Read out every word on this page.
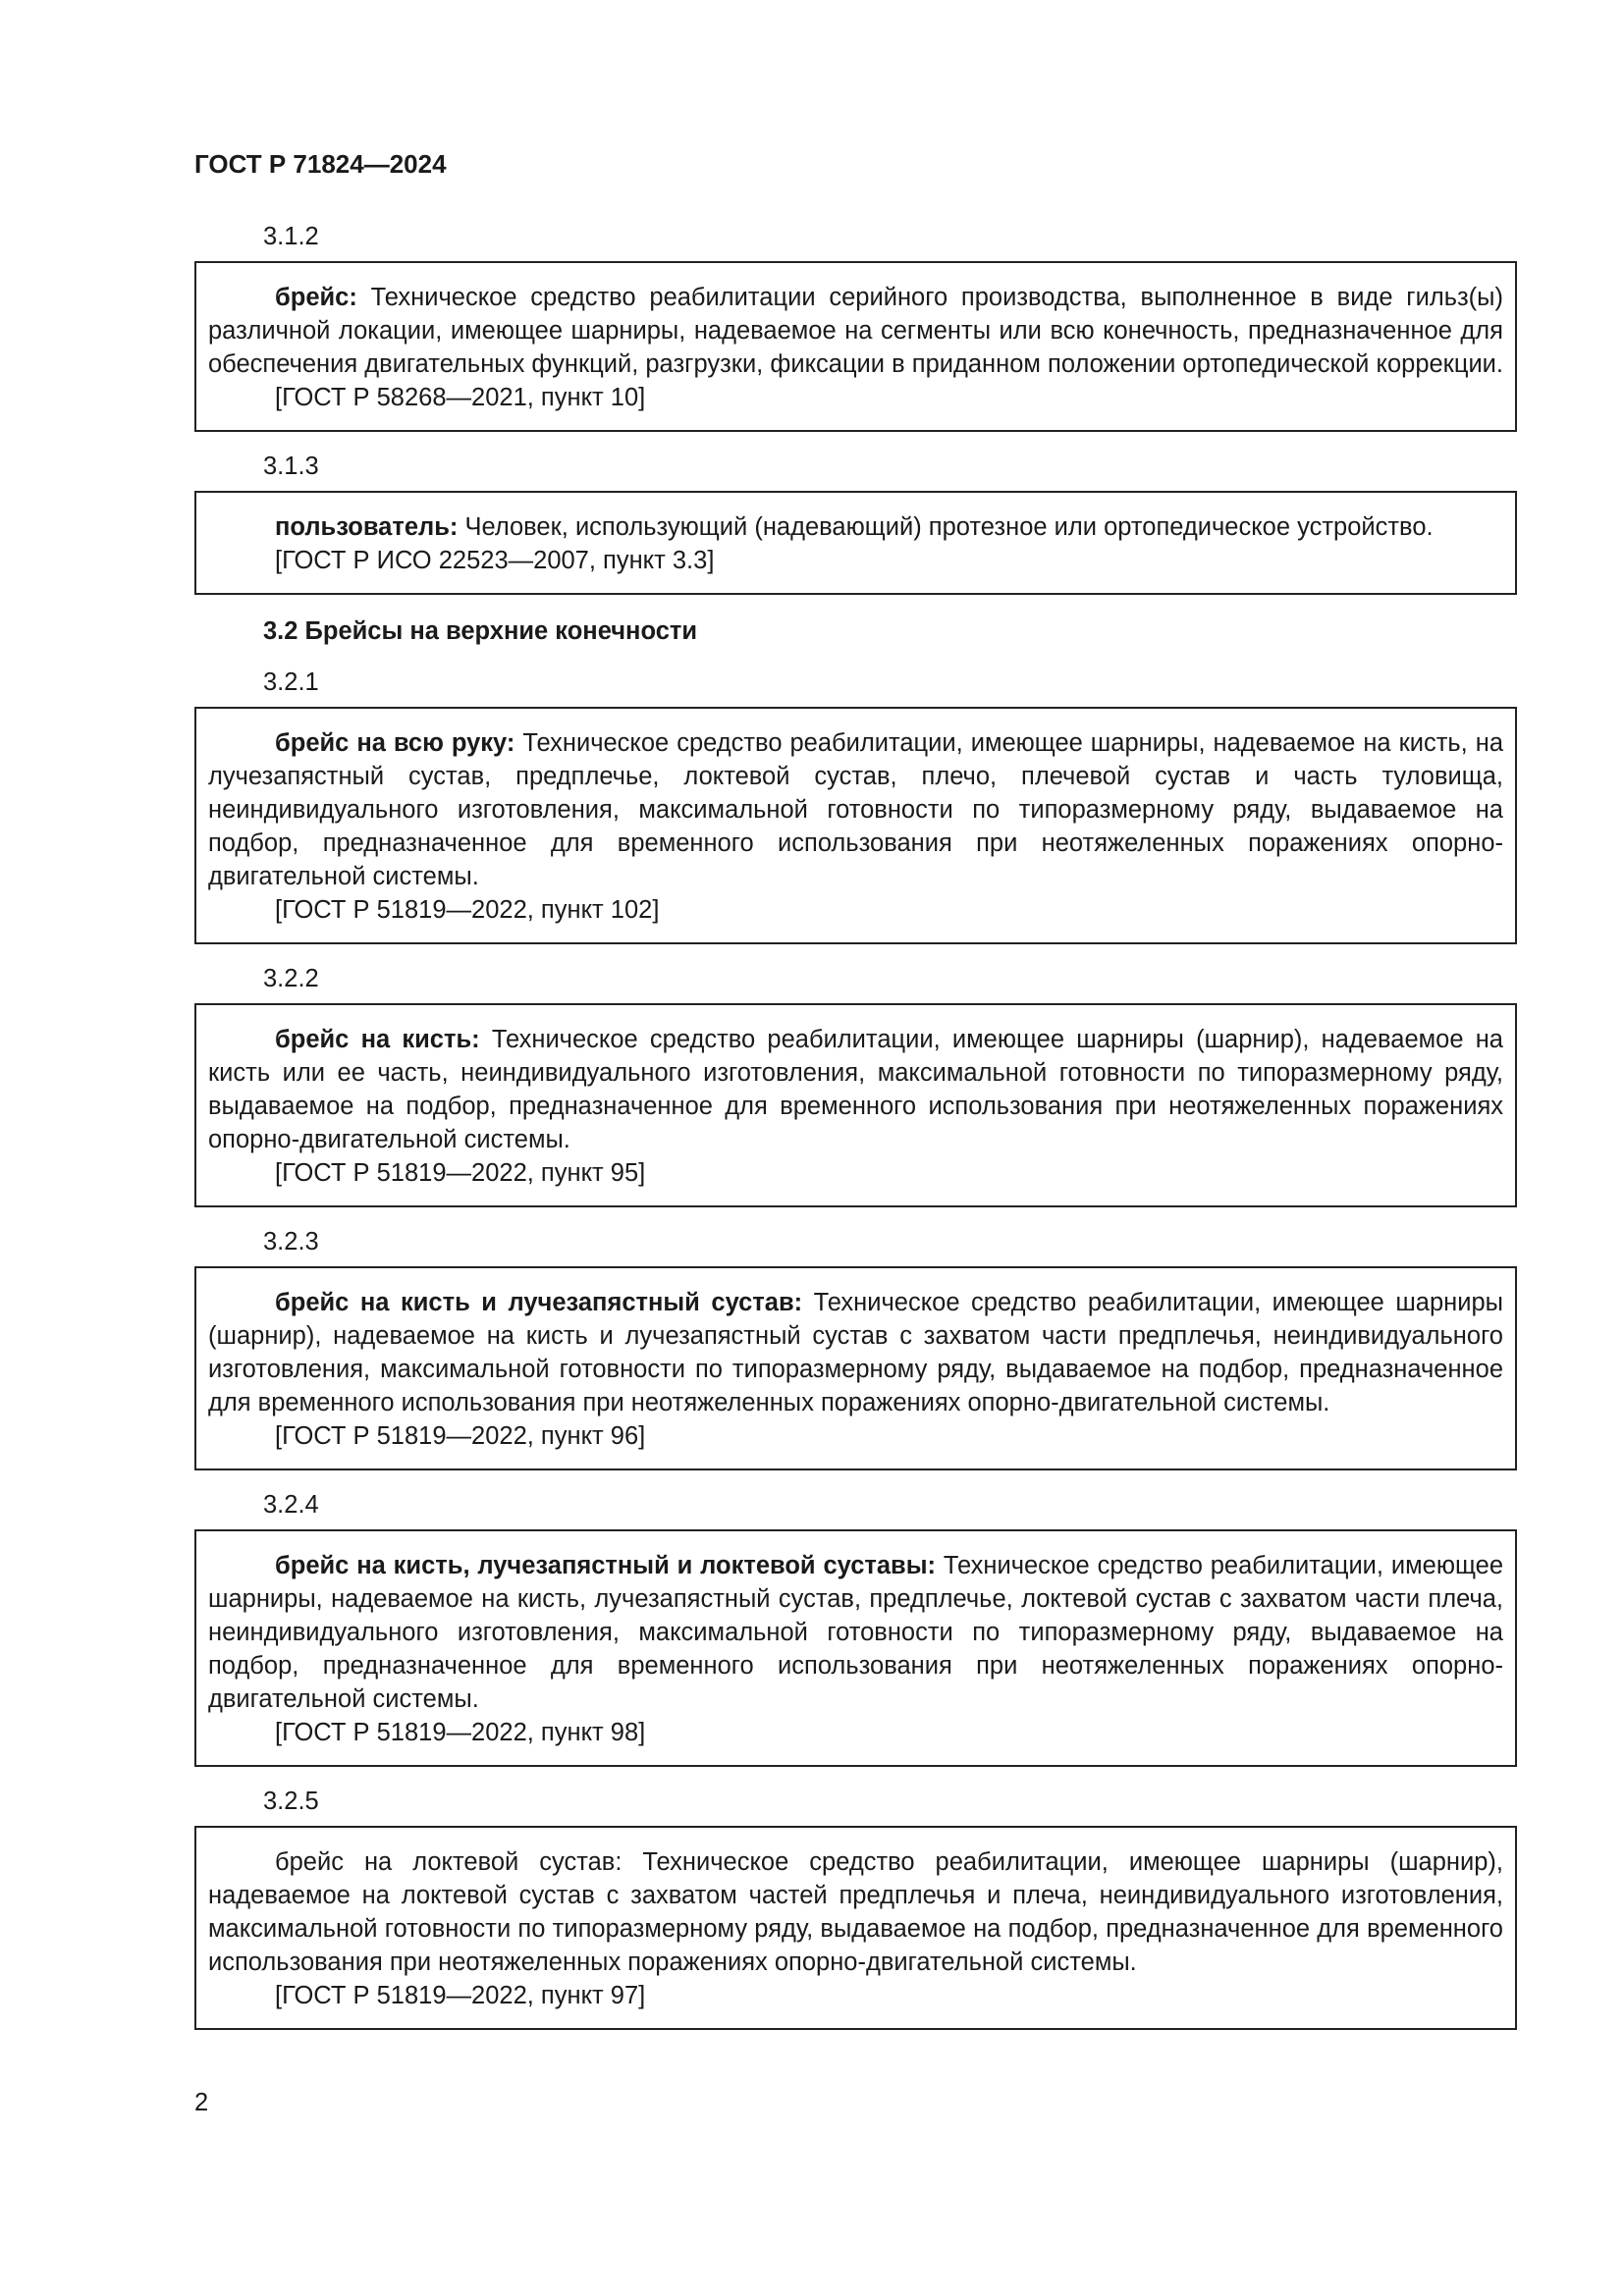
ГОСТ Р 71824—2024
3.1.2

брейс: Техническое средство реабилитации серийного производства, выполненное в виде гильз(ы) различной локации, имеющее шарниры, надеваемое на сегменты или всю конечность, предназначенное для обеспечения двигательных функций, разгрузки, фиксации в приданном положении ортопедической коррекции.

[ГОСТ Р 58268—2021, пункт 10]

3.1.3

пользователь: Человек, использующий (надевающий) протезное или ортопедическое устройство.

[ГОСТ Р ИСО 22523—2007, пункт 3.3]

3.2 Брейсы на верхние конечности
3.2.1

брейс на всю руку: Техническое средство реабилитации, имеющее шарниры, надеваемое на кисть, на лучезапястный сустав, предплечье, локтевой сустав, плечо, плечевой сустав и часть туловища, неиндивидуального изготовления, максимальной готовности по типоразмерному ряду, выдаваемое на подбор, предназначенное для временного использования при неотяжеленных поражениях опорно-двигательной системы.

[ГОСТ Р 51819—2022, пункт 102]

3.2.2

брейс на кисть: Техническое средство реабилитации, имеющее шарниры (шарнир), надеваемое на кисть или ее часть, неиндивидуального изготовления, максимальной готовности по типоразмерному ряду, выдаваемое на подбор, предназначенное для временного использования при неотяжеленных поражениях опорно-двигательной системы.

[ГОСТ Р 51819—2022, пункт 95]

3.2.3

брейс на кисть и лучезапястный сустав: Техническое средство реабилитации, имеющее шарниры (шарнир), надеваемое на кисть и лучезапястный сустав с захватом части предплечья, неиндивидуального изготовления, максимальной готовности по типоразмерному ряду, выдаваемое на подбор, предназначенное для временного использования при неотяжеленных поражениях опорно-двигательной системы.

[ГОСТ Р 51819—2022, пункт 96]

3.2.4

брейс на кисть, лучезапястный и локтевой суставы: Техническое средство реабилитации, имеющее шарниры, надеваемое на кисть, лучезапястный сустав, предплечье, локтевой сустав с захватом части плеча, неиндивидуального изготовления, максимальной готовности по типоразмерному ряду, выдаваемое на подбор, предназначенное для временного использования при неотяжеленных поражениях опорно-двигательной системы.

[ГОСТ Р 51819—2022, пункт 98]

3.2.5

брейс на локтевой сустав: Техническое средство реабилитации, имеющее шарниры (шарнир), надеваемое на локтевой сустав с захватом частей предплечья и плеча, неиндивидуального изготовления, максимальной готовности по типоразмерному ряду, выдаваемое на подбор, предназначенное для временного использования при неотяжеленных поражениях опорно-двигательной системы.

[ГОСТ Р 51819—2022, пункт 97]

2
